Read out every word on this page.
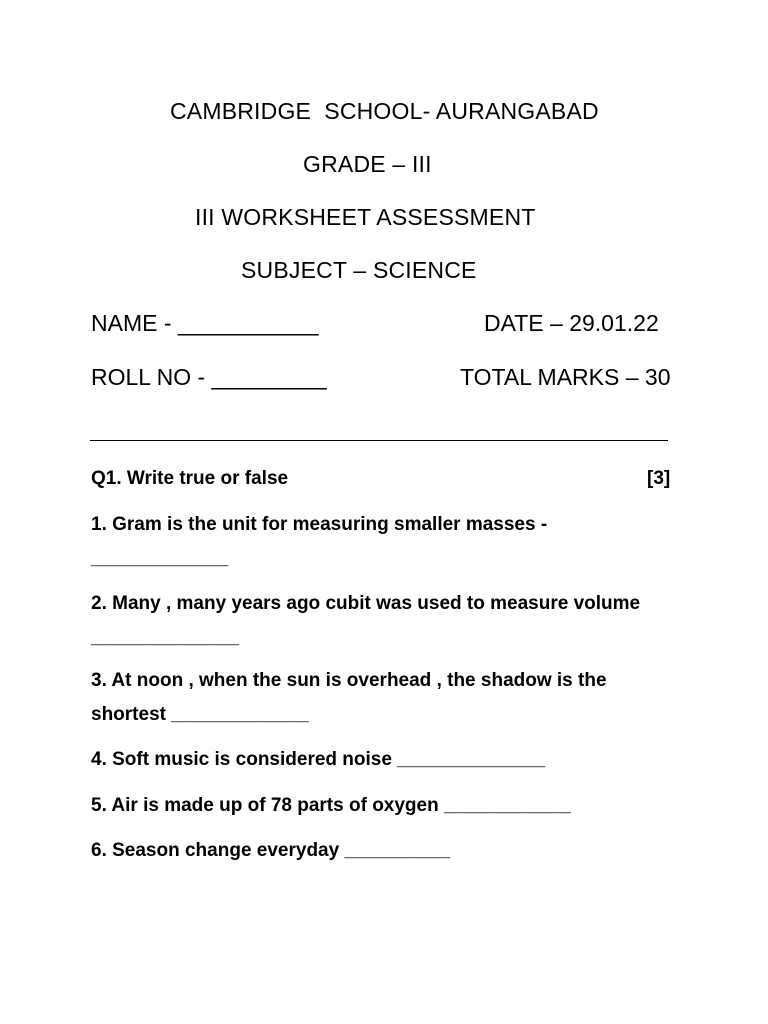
CAMBRIDGE  SCHOOL- AURANGABAD
GRADE – III
III WORKSHEET ASSESSMENT
SUBJECT – SCIENCE
NAME - ___________	DATE – 29.01.22
ROLL NO - _________	TOTAL MARKS – 30
Q1. Write true or false	[3]
1. Gram is the unit for measuring smaller masses -
_____________
2. Many , many years ago cubit was used to measure volume
______________
3. At noon , when the sun is overhead , the shadow is the
shortest _____________
4. Soft music is considered noise ______________
5. Air is made up of 78 parts of oxygen ____________
6. Season change everyday __________
